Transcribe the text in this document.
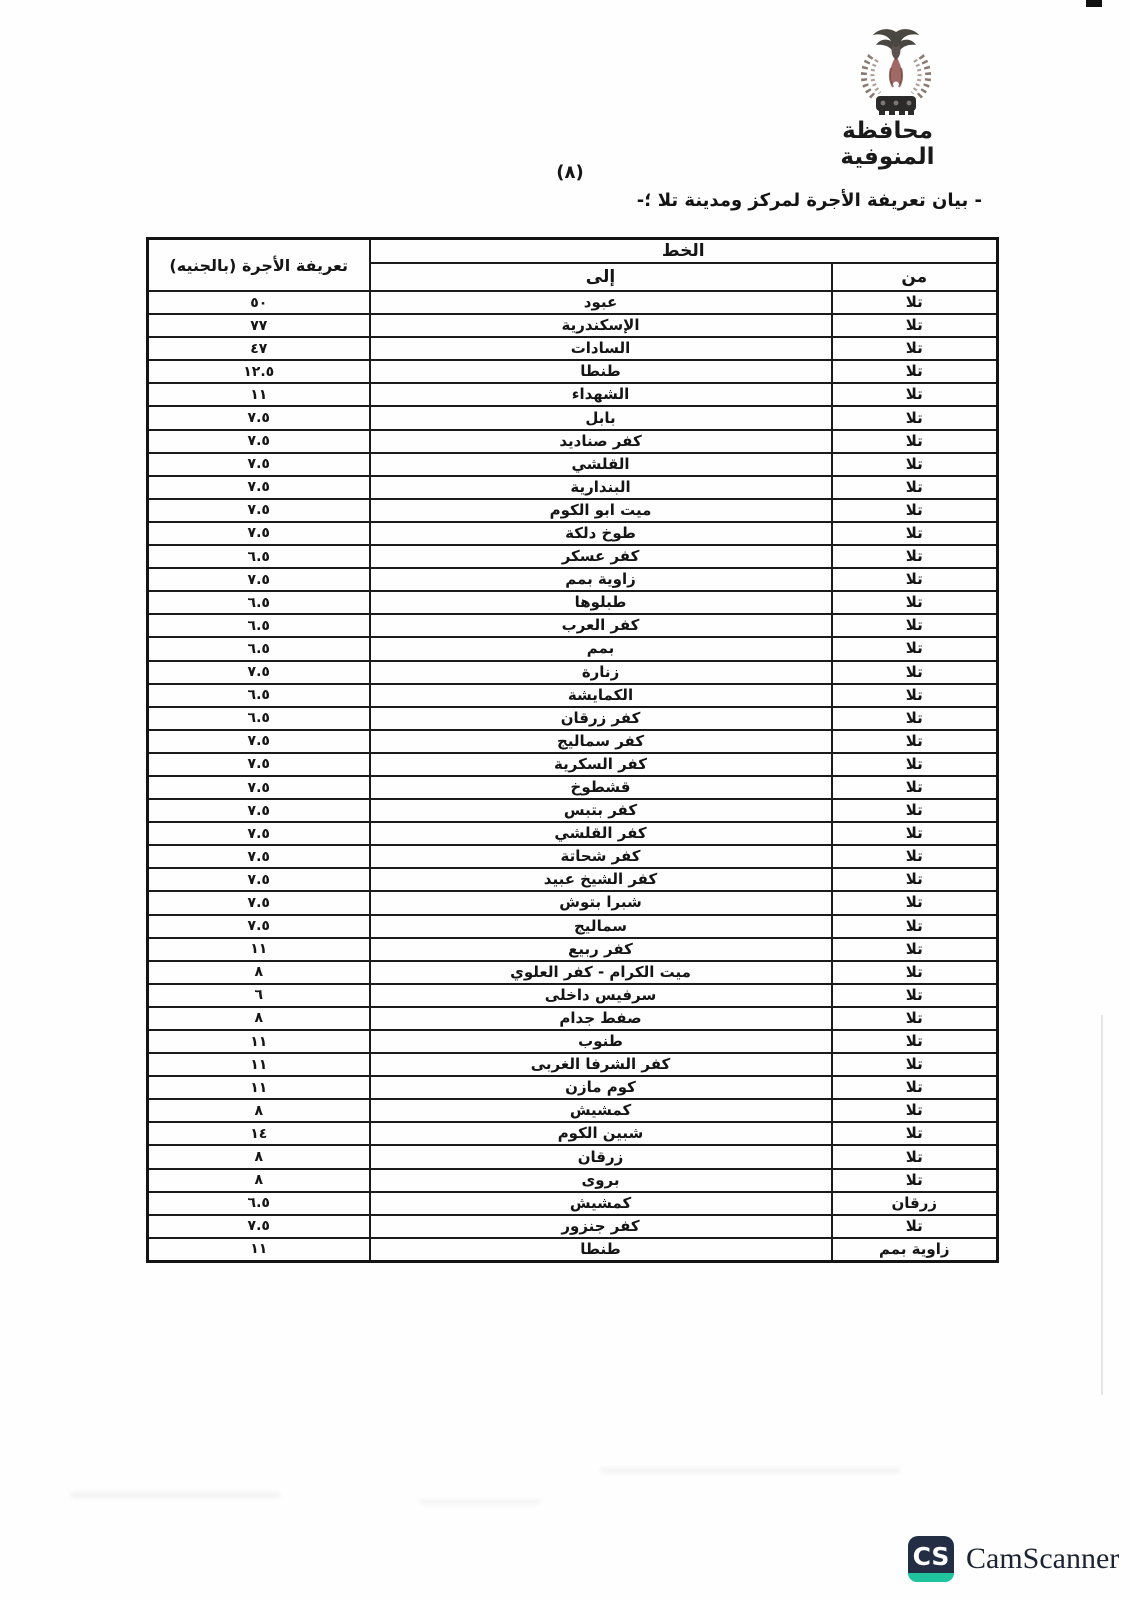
محافظة المنوفية
(٨)
- بيان تعريفة الأجرة لمركز ومدينة تلا ؛-
الخط		تعريفة الأجرة (بالجنيه)
من	إلى	
تلا	عبود	٥٠
تلا	الإسكندرية	٧٧
تلا	السادات	٤٧
تلا	طنطا	١٢.٥
تلا	الشهداء	١١
تلا	بابل	٧.٥
تلا	كفر صناديد	٧.٥
تلا	القلشي	٧.٥
تلا	البندارية	٧.٥
تلا	ميت ابو الكوم	٧.٥
تلا	طوخ دلكة	٧.٥
تلا	كفر عسكر	٦.٥
تلا	زاوية بمم	٧.٥
تلا	طبلوها	٦.٥
تلا	كفر العرب	٦.٥
تلا	بمم	٦.٥
تلا	زنارة	٧.٥
تلا	الكمايشة	٦.٥
تلا	كفر زرقان	٦.٥
تلا	كفر سماليج	٧.٥
تلا	كفر السكرية	٧.٥
تلا	قشطوخ	٧.٥
تلا	كفر بتبس	٧.٥
تلا	كفر القلشي	٧.٥
تلا	كفر شحاتة	٧.٥
تلا	كفر الشيخ عبيد	٧.٥
تلا	شبرا بتوش	٧.٥
تلا	سماليج	٧.٥
تلا	كفر ربيع	١١
تلا	ميت الكرام - كفر العلوي	٨
تلا	سرفيس داخلى	٦
تلا	صفط جدام	٨
تلا	طنوب	١١
تلا	كفر الشرفا الغربى	١١
تلا	كوم مازن	١١
تلا	كمشيش	٨
تلا	شبين الكوم	١٤
تلا	زرقان	٨
تلا	بروى	٨
زرقان	كمشيش	٦.٥
تلا	كفر جنزور	٧.٥
زاوية بمم	طنطا	١١
CS CamScanner
